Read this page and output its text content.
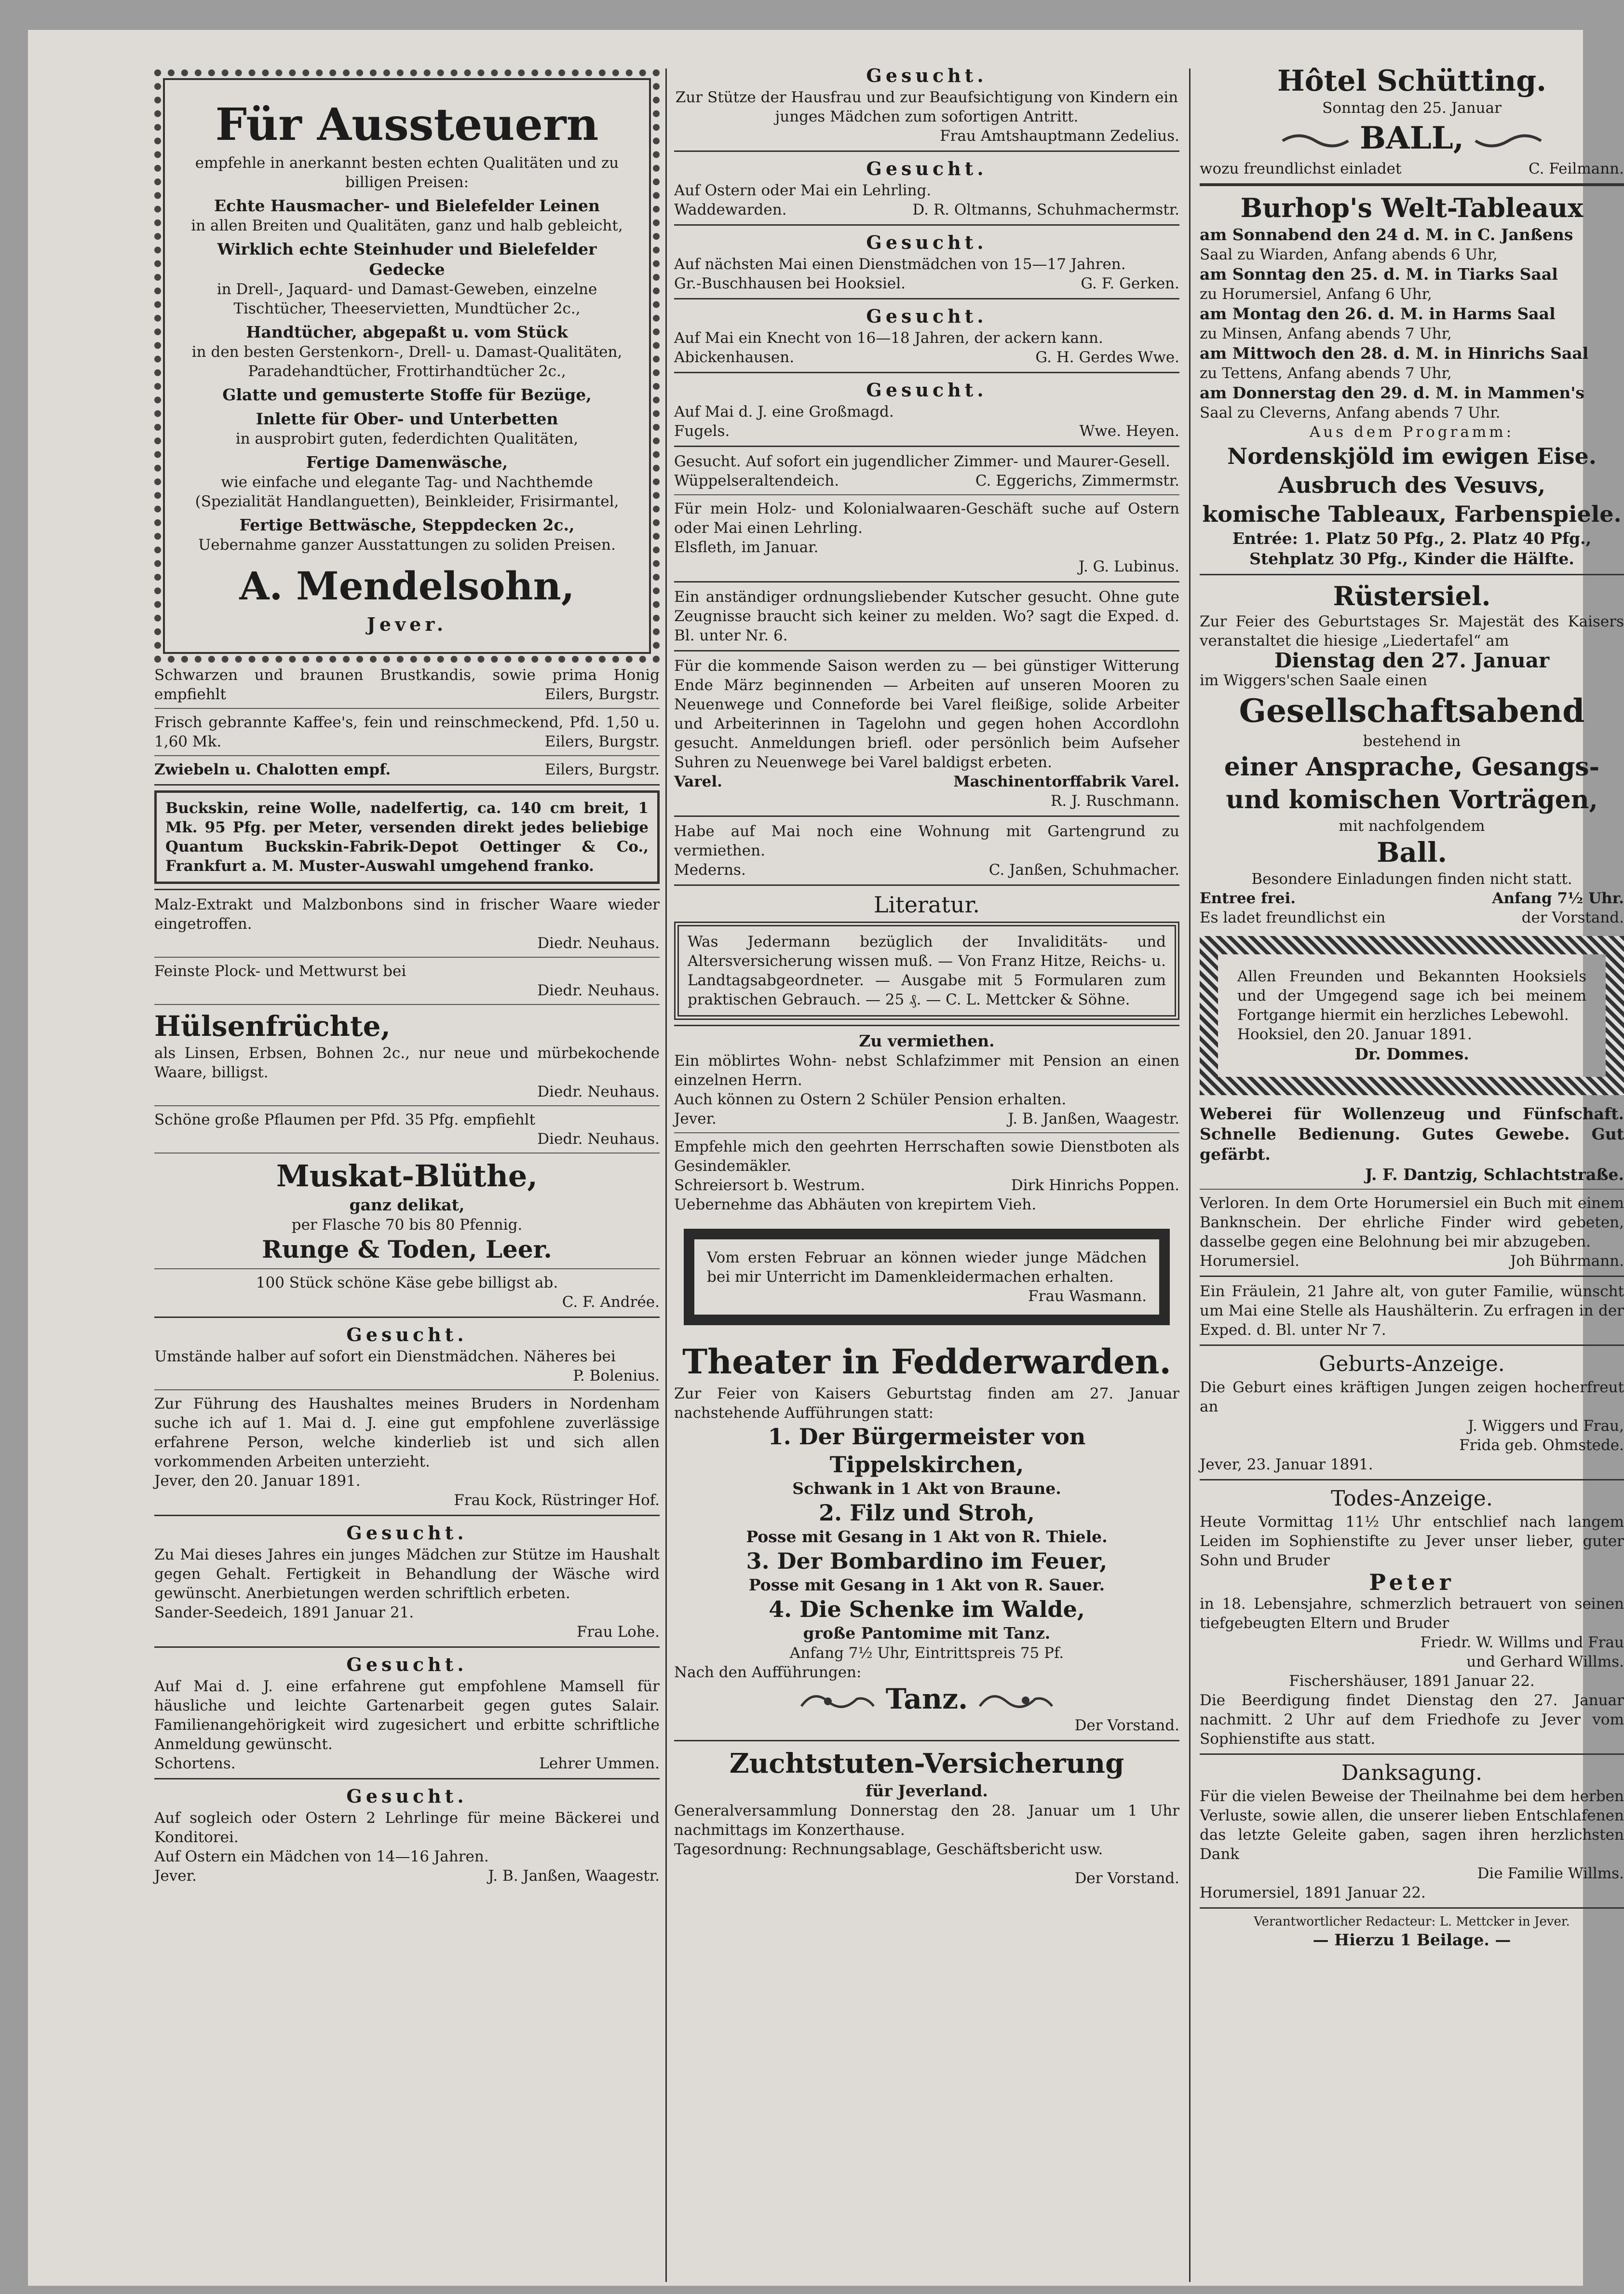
Für Aussteuern

empfehle in anerkannt besten echten Qualitäten und zu billigen Preisen:

Echte Hausmacher- und Bielefelder Leinen

in allen Breiten und Qualitäten, ganz und halb gebleicht,

Wirklich echte Steinhuder und Bielefelder Gedecke

in Drell-, Jaquard- und Damast-Geweben, einzelne Tischtücher, Theeservietten, Mundtücher 2c.,

Handtücher, abgepaßt u. vom Stück

in den besten Gerstenkorn-, Drell- u. Damast-Qualitäten, Paradehandtücher, Frottirhandtücher 2c.,

Glatte und gemusterte Stoffe für Bezüge,

Inlette für Ober- und Unterbetten

in ausprobirt guten, federdichten Qualitäten,

Fertige Damenwäsche,

wie einfache und elegante Tag- und Nachthemde (Spezialität Handlanguetten), Beinkleider, Frisirmantel,

Fertige Bettwäsche, Steppdecken 2c.,

Uebernahme ganzer Ausstattungen zu soliden Preisen.

A. Mendelsohn,

Jever.

Schwarzen und braunen Brustkandis, sowie prima Honig empfiehlt	Eilers, Burgstr.

Frisch gebrannte Kaffee's, fein und reinschmeckend, Pfd. 1,50 u. 1,60 Mk.	Eilers, Burgstr.

Zwiebeln u. Chalotten empf.	Eilers, Burgstr.

Buckskin, reine Wolle, nadelfertig, ca. 140 cm breit, 1 Mk. 95 Pfg. per Meter, versenden direkt jedes beliebige Quantum Buckskin-Fabrik-Depot Oettinger & Co., Frankfurt a. M. Muster-Auswahl umgehend franko.

Malz-Extrakt und Malzbonbons sind in frischer Waare wieder eingetroffen.

Diedr. Neuhaus.

Feinste Plock- und Mettwurst bei

Diedr. Neuhaus.

Hülsenfrüchte,

als Linsen, Erbsen, Bohnen 2c., nur neue und mürbekochende Waare, billigst.

Diedr. Neuhaus.

Schöne große Pflaumen per Pfd. 35 Pfg. empfiehlt

Diedr. Neuhaus.

Muskat-Blüthe,

ganz delikat,

per Flasche 70 bis 80 Pfennig.

Runge & Toden, Leer.

100 Stück schöne Käse gebe billigst ab.

C. F. Andrée.

Gesucht.

Umstände halber auf sofort ein Dienstmädchen. Näheres bei

P. Bolenius.

Zur Führung des Haushaltes meines Bruders in Nordenham suche ich auf 1. Mai d. J. eine gut empfohlene zuverlässige erfahrene Person, welche kinderlieb ist und sich allen vorkommenden Arbeiten unterzieht.

Jever, den 20. Januar 1891.

Frau Kock, Rüstringer Hof.

Gesucht.

Zu Mai dieses Jahres ein junges Mädchen zur Stütze im Haushalt gegen Gehalt. Fertigkeit in Behandlung der Wäsche wird gewünscht. Anerbietungen werden schriftlich erbeten.

Sander-Seedeich, 1891 Januar 21.

Frau Lohe.

Gesucht.

Auf Mai d. J. eine erfahrene gut empfohlene Mamsell für häusliche und leichte Gartenarbeit gegen gutes Salair. Familienangehörigkeit wird zugesichert und erbitte schriftliche Anmeldung gewünscht.

Schortens.	Lehrer Ummen.

Gesucht.

Auf sogleich oder Ostern 2 Lehrlinge für meine Bäckerei und Konditorei.

Auf Ostern ein Mädchen von 14—16 Jahren.

Jever.	J. B. Janßen, Waagestr.

Gesucht.

Zur Stütze der Hausfrau und zur Beaufsichtigung von Kindern ein junges Mädchen zum sofortigen Antritt.

Frau Amtshauptmann Zedelius.

Gesucht.

Auf Ostern oder Mai ein Lehrling.

Waddewarden.	D. R. Oltmanns, Schuhmachermstr.

Gesucht.

Auf nächsten Mai einen Dienstmädchen von 15—17 Jahren.

Gr.-Buschhausen bei Hooksiel.	G. F. Gerken.

Gesucht.

Auf Mai ein Knecht von 16—18 Jahren, der ackern kann.

Abickenhausen.	G. H. Gerdes Wwe.

Gesucht.

Auf Mai d. J. eine Großmagd.

Fugels.	Wwe. Heyen.

Gesucht. Auf sofort ein jugendlicher Zimmer- und Maurer-Gesell.

Wüppelseraltendeich.	C. Eggerichs, Zimmermstr.

Für mein Holz- und Kolonialwaaren-Geschäft suche auf Ostern oder Mai einen Lehrling.

Elsfleth, im Januar.

J. G. Lubinus.

Ein anständiger ordnungsliebender Kutscher gesucht. Ohne gute Zeugnisse braucht sich keiner zu melden. Wo? sagt die Exped. d. Bl. unter Nr. 6.

Für die kommende Saison werden zu — bei günstiger Witterung Ende März beginnenden — Arbeiten auf unseren Mooren zu Neuenwege und Conneforde bei Varel fleißige, solide Arbeiter und Arbeiterinnen in Tagelohn und gegen hohen Accordlohn gesucht. Anmeldungen briefl. oder persönlich beim Aufseher Suhren zu Neuenwege bei Varel baldigst erbeten.

Varel.	Maschinentorffabrik Varel.

R. J. Ruschmann.

Habe auf Mai noch eine Wohnung mit Gartengrund zu vermiethen.

Mederns.	C. Janßen, Schuhmacher.

Literatur.

Was Jedermann bezüglich der Invaliditäts- und Altersversicherung wissen muß. — Von Franz Hitze, Reichs- u. Landtagsabgeordneter. — Ausgabe mit 5 Formularen zum praktischen Gebrauch. — 25 ₰. — C. L. Mettcker & Söhne.

Zu vermiethen.

Ein möblirtes Wohn- nebst Schlafzimmer mit Pension an einen einzelnen Herrn.

Auch können zu Ostern 2 Schüler Pension erhalten.

Jever.	J. B. Janßen, Waagestr.

Empfehle mich den geehrten Herrschaften sowie Dienstboten als Gesindemäkler.

Schreiersort b. Westrum.	Dirk Hinrichs Poppen.

Uebernehme das Abhäuten von krepirtem Vieh.

Vom ersten Februar an können wieder junge Mädchen bei mir Unterricht im Damenkleidermachen erhalten.

Frau Wasmann.

Theater in Fedderwarden.

Zur Feier von Kaisers Geburtstag finden am 27. Januar nachstehende Aufführungen statt:

1. Der Bürgermeister von Tippelskirchen,

Schwank in 1 Akt von Braune.

2. Filz und Stroh,

Posse mit Gesang in 1 Akt von R. Thiele.

3. Der Bombardino im Feuer,

Posse mit Gesang in 1 Akt von R. Sauer.

4. Die Schenke im Walde,

große Pantomime mit Tanz.

Anfang 7½ Uhr, Eintrittspreis 75 Pf.

Nach den Aufführungen:

Tanz.

Der Vorstand.

Zuchtstuten-Versicherung

für Jeverland.

Generalversammlung Donnerstag den 28. Januar um 1 Uhr nachmittags im Konzerthause.

Tagesordnung: Rechnungsablage, Geschäftsbericht usw.

Der Vorstand.

Hôtel Schütting.

Sonntag den 25. Januar

BALL,

wozu freundlichst einladet	C. Feilmann.

Burhop's Welt-Tableaux

am Sonnabend den 24 d. M. in C. Janßens

Saal zu Wiarden, Anfang abends 6 Uhr,

am Sonntag den 25. d. M. in Tiarks Saal

zu Horumersiel, Anfang 6 Uhr,

am Montag den 26. d. M. in Harms Saal

zu Minsen, Anfang abends 7 Uhr,

am Mittwoch den 28. d. M. in Hinrichs Saal

zu Tettens, Anfang abends 7 Uhr,

am Donnerstag den 29. d. M. in Mammen's

Saal zu Cleverns, Anfang abends 7 Uhr.

Aus dem Programm:

Nordenskjöld im ewigen Eise.

Ausbruch des Vesuvs,

komische Tableaux, Farbenspiele.

Entrée: 1. Platz 50 Pfg., 2. Platz 40 Pfg., Stehplatz 30 Pfg., Kinder die Hälfte.

Rüstersiel.

Zur Feier des Geburtstages Sr. Majestät des Kaisers veranstaltet die hiesige „Liedertafel“ am

Dienstag den 27. Januar

im Wiggers'schen Saale einen

Gesellschaftsabend

bestehend in

einer Ansprache, Gesangs- und komischen Vorträgen,

mit nachfolgendem

Ball.

Besondere Einladungen finden nicht statt.

Entree frei.	Anfang 7½ Uhr.
Es ladet freundlichst ein	der Vorstand.

Allen Freunden und Bekannten Hooksiels und der Umgegend sage ich bei meinem Fortgange hiermit ein herzliches Lebewohl.

Hooksiel, den 20. Januar 1891.

Dr. Dommes.

Weberei für Wollenzeug und Fünfschaft. Schnelle Bedienung. Gutes Gewebe. Gut gefärbt.

J. F. Dantzig, Schlachtstraße.

Verloren. In dem Orte Horumersiel ein Buch mit einem Banknschein. Der ehrliche Finder wird gebeten, dasselbe gegen eine Belohnung bei mir abzugeben.

Horumersiel.	Joh Bührmann.

Ein Fräulein, 21 Jahre alt, von guter Familie, wünscht um Mai eine Stelle als Haushälterin. Zu erfragen in der Exped. d. Bl. unter Nr 7.

Geburts-Anzeige.

Die Geburt eines kräftigen Jungen zeigen hocherfreut an

J. Wiggers und Frau,

Frida geb. Ohmstede.

Jever, 23. Januar 1891.

Todes-Anzeige.

Heute Vormittag 11½ Uhr entschlief nach langem Leiden im Sophienstifte zu Jever unser lieber, guter Sohn und Bruder

Peter

in 18. Lebensjahre, schmerzlich betrauert von seinen tiefgebeugten Eltern und Bruder

Friedr. W. Willms und Frau

und Gerhard Willms.

Fischershäuser, 1891 Januar 22.

Die Beerdigung findet Dienstag den 27. Januar nachmitt. 2 Uhr auf dem Friedhofe zu Jever vom Sophienstifte aus statt.

Danksagung.

Für die vielen Beweise der Theilnahme bei dem herben Verluste, sowie allen, die unserer lieben Entschlafenen das letzte Geleite gaben, sagen ihren herzlichsten Dank

Die Familie Willms.

Horumersiel, 1891 Januar 22.

Verantwortlicher Redacteur: L. Mettcker in Jever.

— Hierzu 1 Beilage. —
